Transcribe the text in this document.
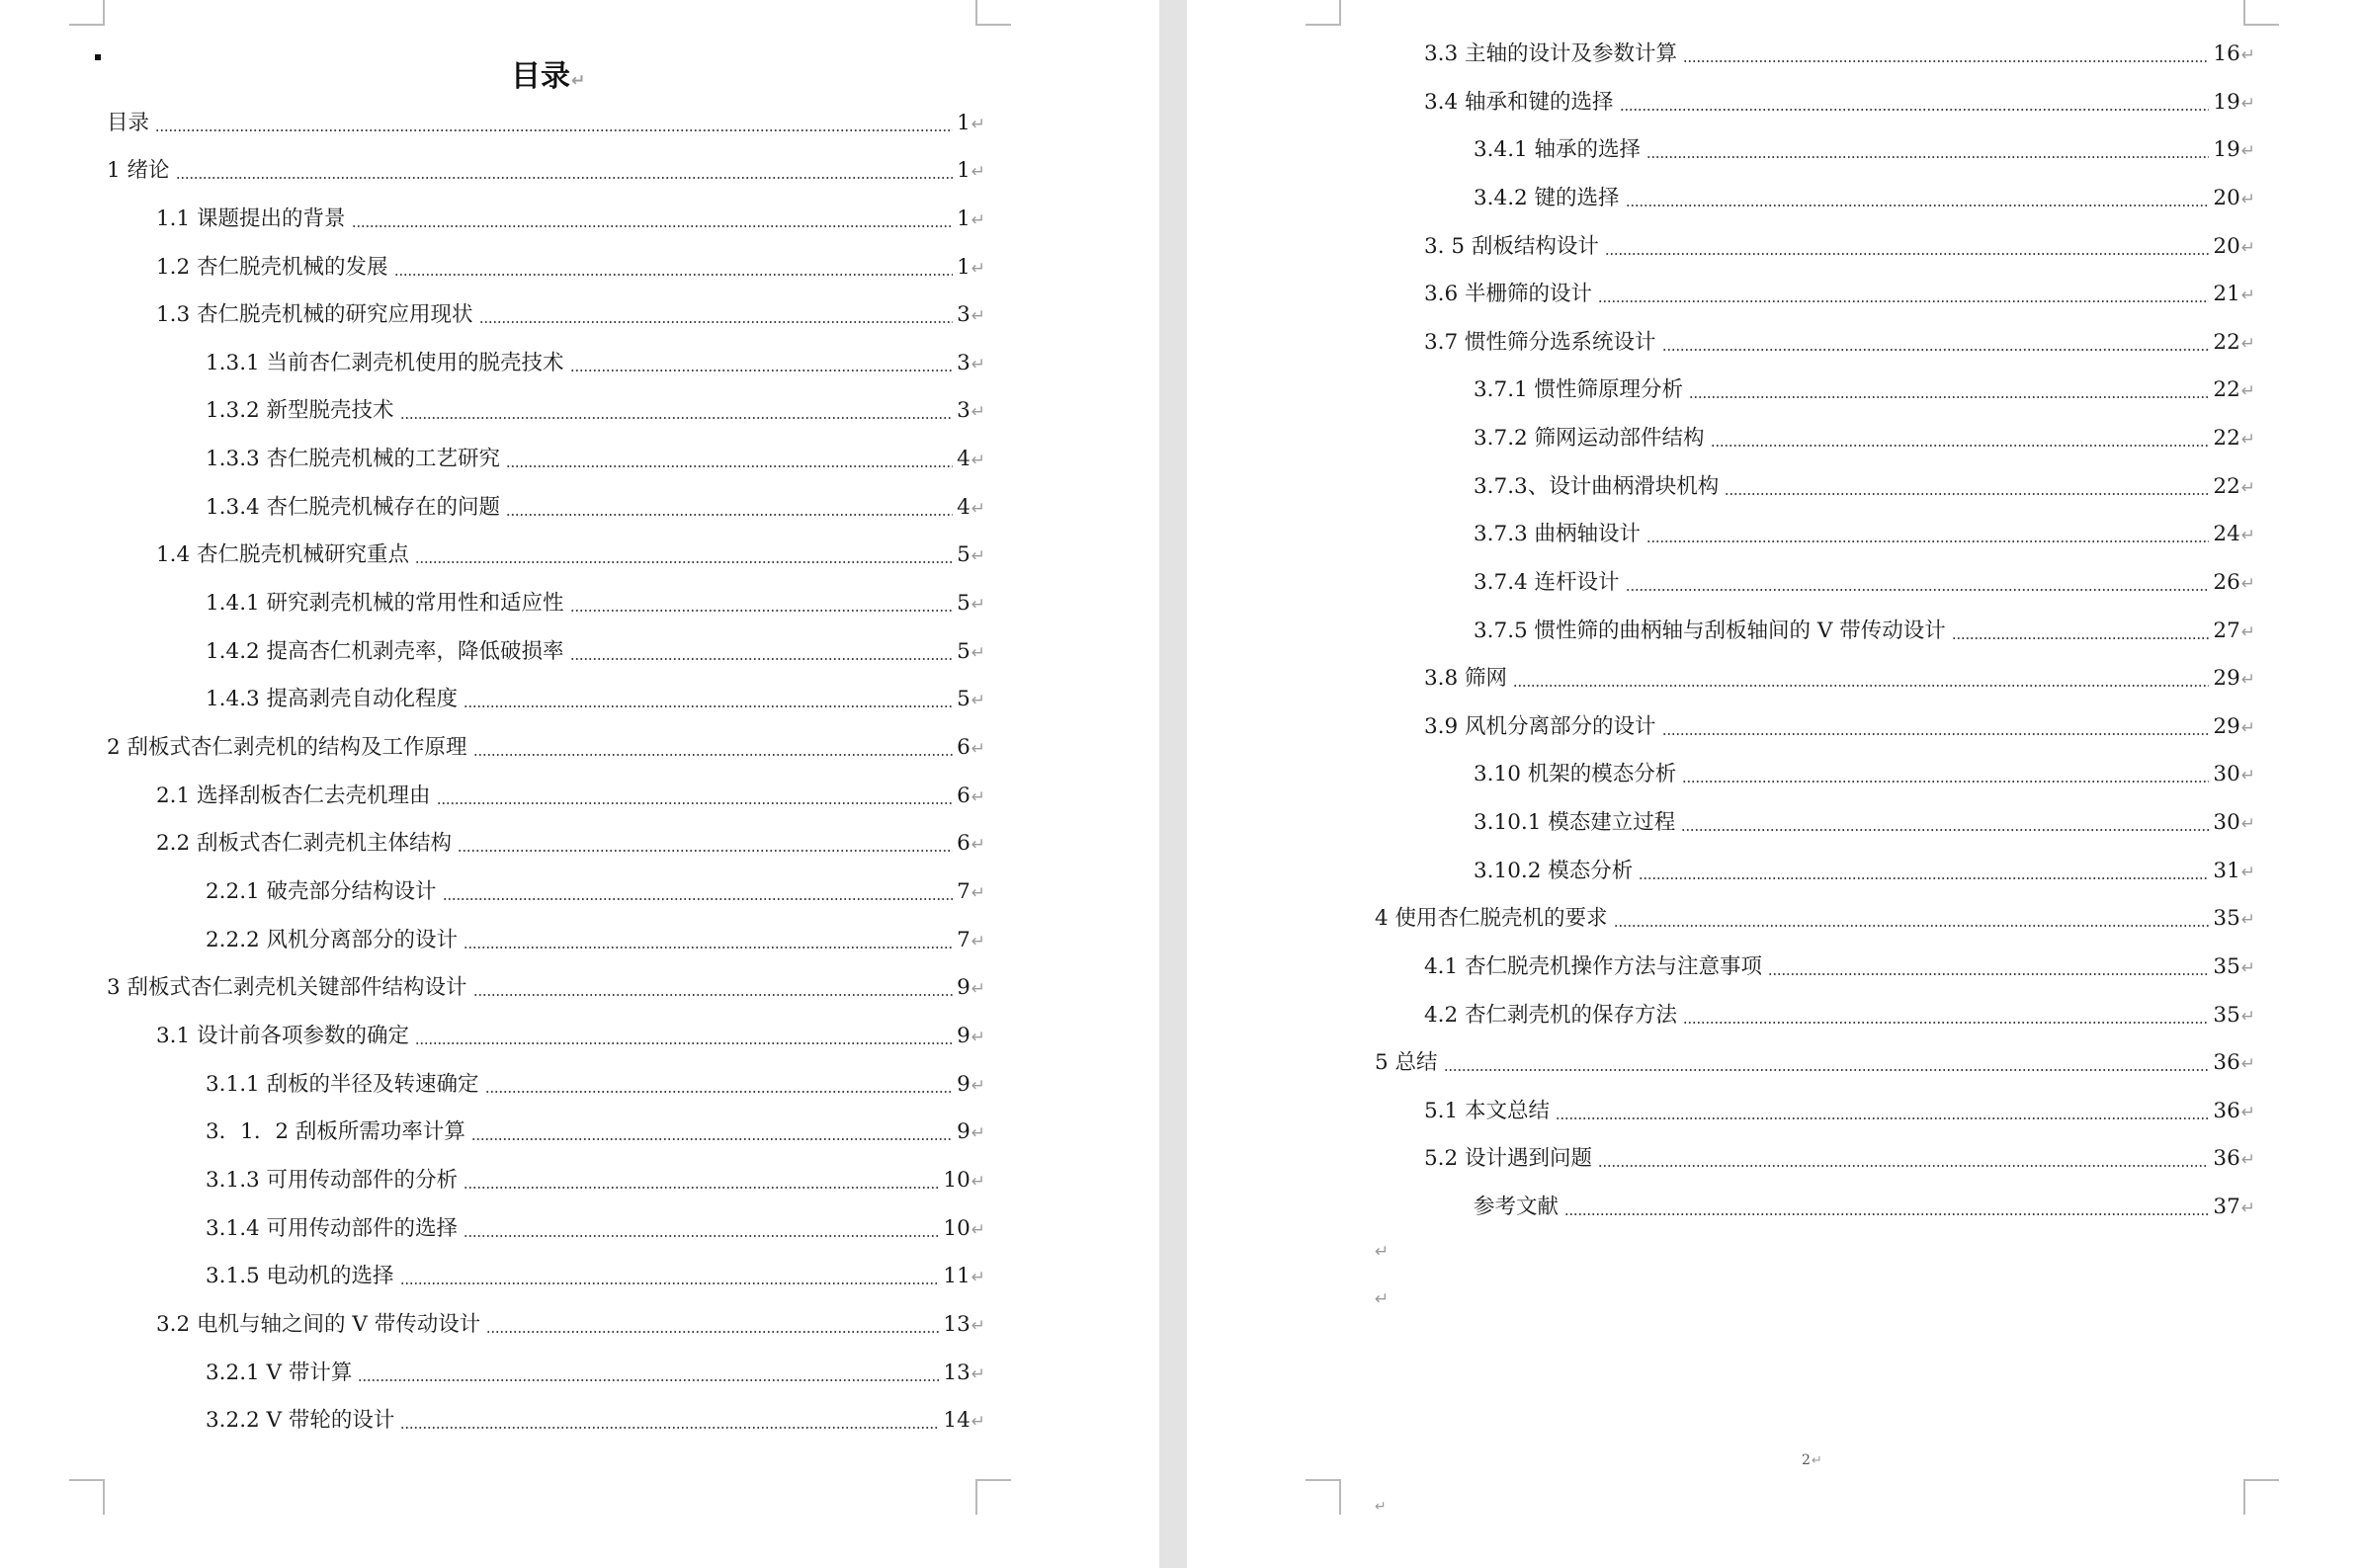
目录↵
目录	1 ↵
1 绪论	1 ↵
1.1 课题提出的背景	1 ↵
1.2 杏仁脱壳机械的发展	1 ↵
1.3 杏仁脱壳机械的研究应用现状	3 ↵
1.3.1 当前杏仁剥壳机使用的脱壳技术	3 ↵
1.3.2 新型脱壳技术	3 ↵
1.3.3 杏仁脱壳机械的工艺研究	4 ↵
1.3.4 杏仁脱壳机械存在的问题	4 ↵
1.4 杏仁脱壳机械研究重点	5 ↵
1.4.1 研究剥壳机械的常用性和适应性	5 ↵
1.4.2 提高杏仁机剥壳率，降低破损率	5 ↵
1.4.3 提高剥壳自动化程度	5 ↵
2 刮板式杏仁剥壳机的结构及工作原理	6 ↵
2.1 选择刮板杏仁去壳机理由	6 ↵
2.2 刮板式杏仁剥壳机主体结构	6 ↵
2.2.1 破壳部分结构设计	7 ↵
2.2.2 风机分离部分的设计	7 ↵
3 刮板式杏仁剥壳机关键部件结构设计	9 ↵
3.1 设计前各项参数的确定	9 ↵
3.1.1 刮板的半径及转速确定	9 ↵
3．1．2 刮板所需功率计算	9 ↵
3.1.3 可用传动部件的分析	10 ↵
3.1.4 可用传动部件的选择	10 ↵
3.1.5 电动机的选择	11 ↵
3.2 电机与轴之间的 V 带传动设计	13 ↵
3.2.1 V 带计算	13 ↵
3.2.2 V 带轮的设计	14 ↵
3.3 主轴的设计及参数计算	16 ↵
3.4 轴承和键的选择	19 ↵
3.4.1 轴承的选择	19 ↵
3.4.2 键的选择	20 ↵
3. 5 刮板结构设计	20 ↵
3.6 半栅筛的设计	21 ↵
3.7 惯性筛分选系统设计	22 ↵
3.7.1 惯性筛原理分析	22 ↵
3.7.2 筛网运动部件结构	22 ↵
3.7.3、设计曲柄滑块机构	22 ↵
3.7.3 曲柄轴设计	24 ↵
3.7.4 连杆设计	26 ↵
3.7.5 惯性筛的曲柄轴与刮板轴间的 V 带传动设计	27 ↵
3.8 筛网	29 ↵
3.9 风机分离部分的设计	29 ↵
3.10 机架的模态分析	30 ↵
3.10.1 模态建立过程	30 ↵
3.10.2 模态分析	31 ↵
4 使用杏仁脱壳机的要求	35 ↵
4.1 杏仁脱壳机操作方法与注意事项	35 ↵
4.2 杏仁剥壳机的保存方法	35 ↵
5 总结	36 ↵
5.1 本文总结	36 ↵
5.2 设计遇到问题	36 ↵
参考文献	37 ↵
↵
↵
2↵
↵
